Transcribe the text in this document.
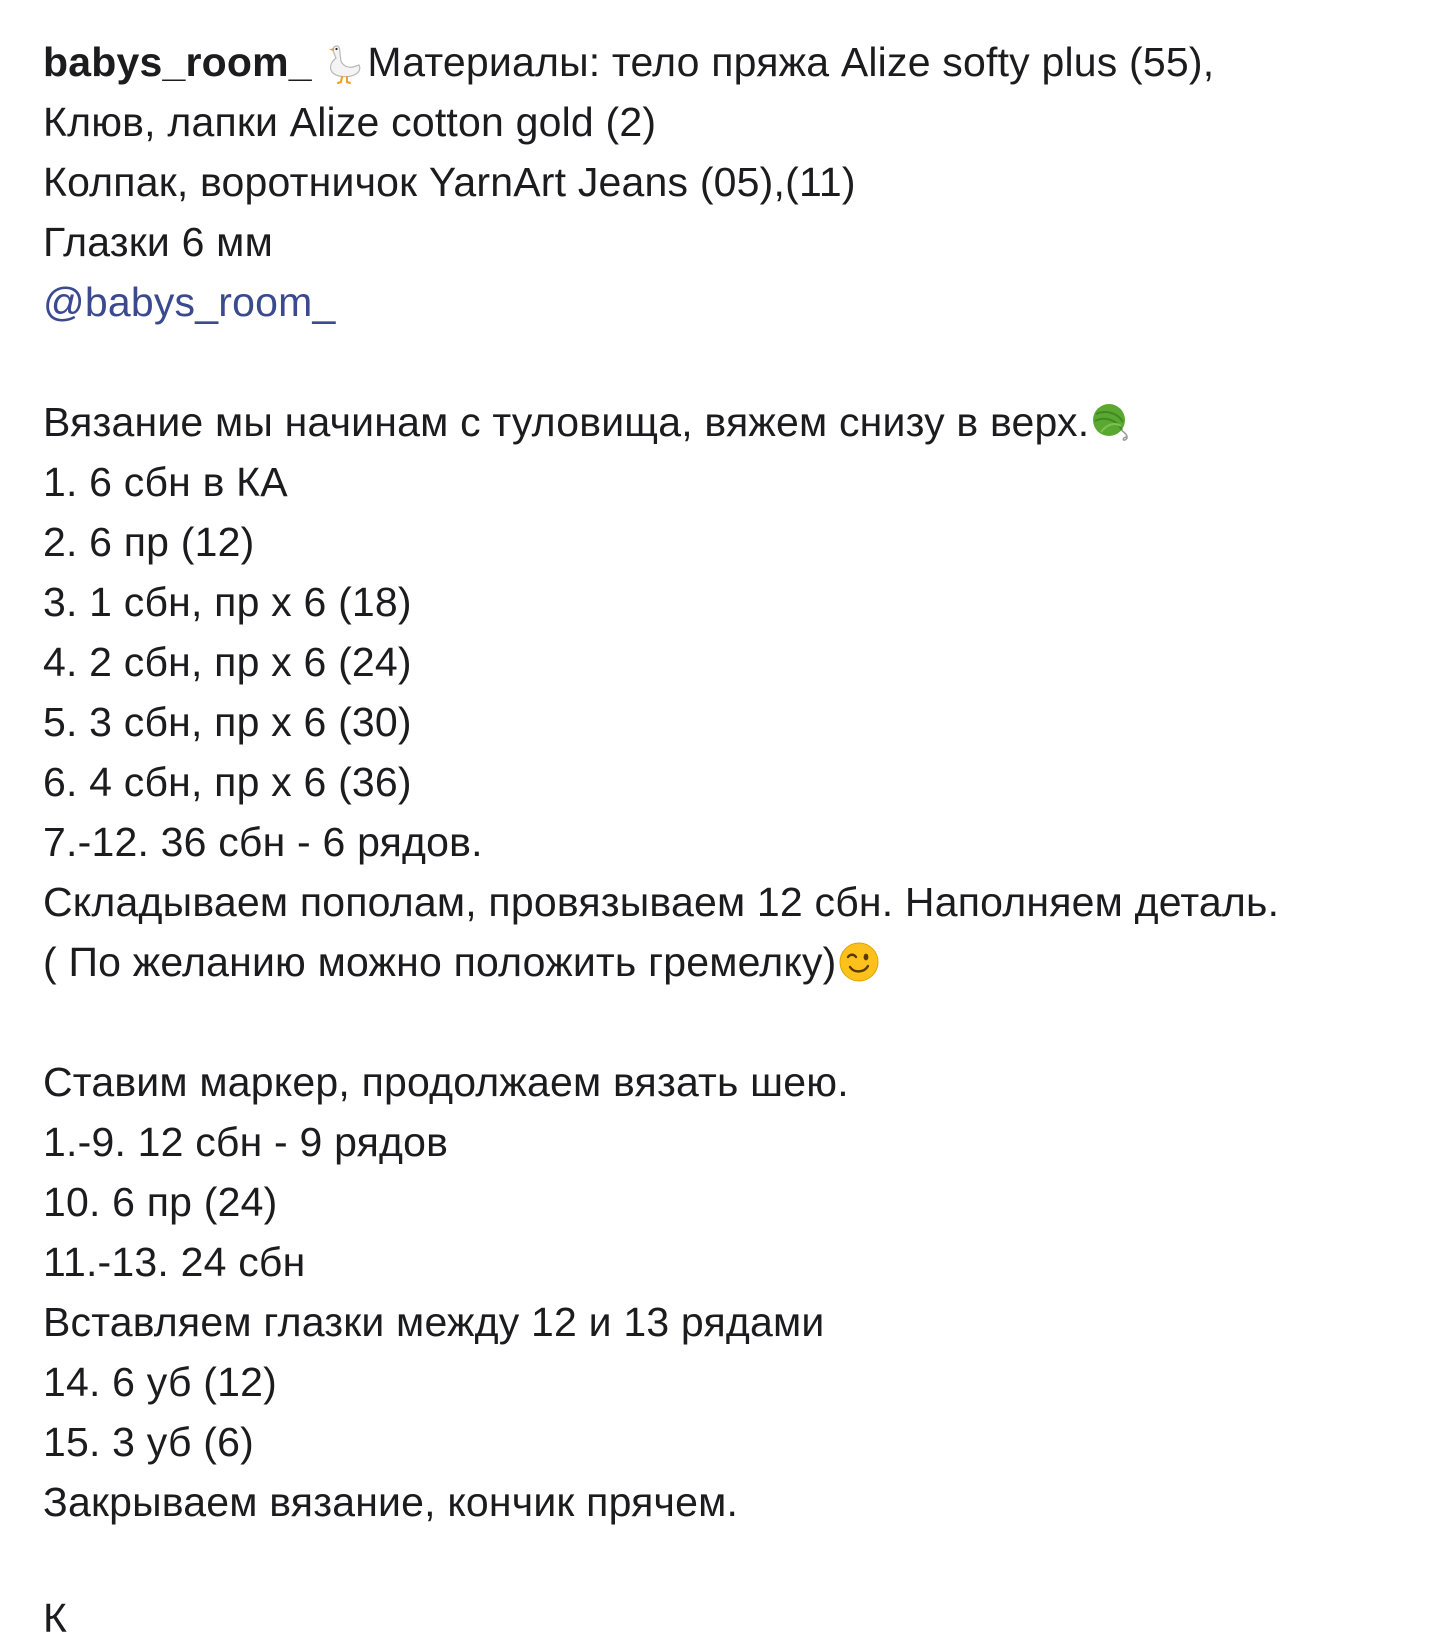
babys_room_ Материалы: тело пряжа Alize softy plus (55),
Клюв, лапки Alize cotton gold (2)
Колпак, воротничок YarnArt Jeans (05),(11)
Глазки 6 мм
@babys_room_
Вязание мы начинам с туловища, вяжем снизу в верх.
1. 6 сбн в КА
2. 6 пр (12)
3. 1 сбн, пр х 6 (18)
4. 2 сбн, пр х 6 (24)
5. 3 сбн, пр х 6 (30)
6. 4 сбн, пр х 6 (36)
7.-12. 36 сбн - 6 рядов.
Складываем пополам, провязываем 12 сбн. Наполняем деталь.
( По желанию можно положить гремелку)
Ставим маркер, продолжаем вязать шею.
1.-9. 12 сбн - 9 рядов
10. 6 пр (24)
11.-13. 24 сбн
Вставляем глазки между 12 и 13 рядами
14. 6 уб (12)
15. 3 уб (6)
Закрываем вязание, кончик прячем.
К
